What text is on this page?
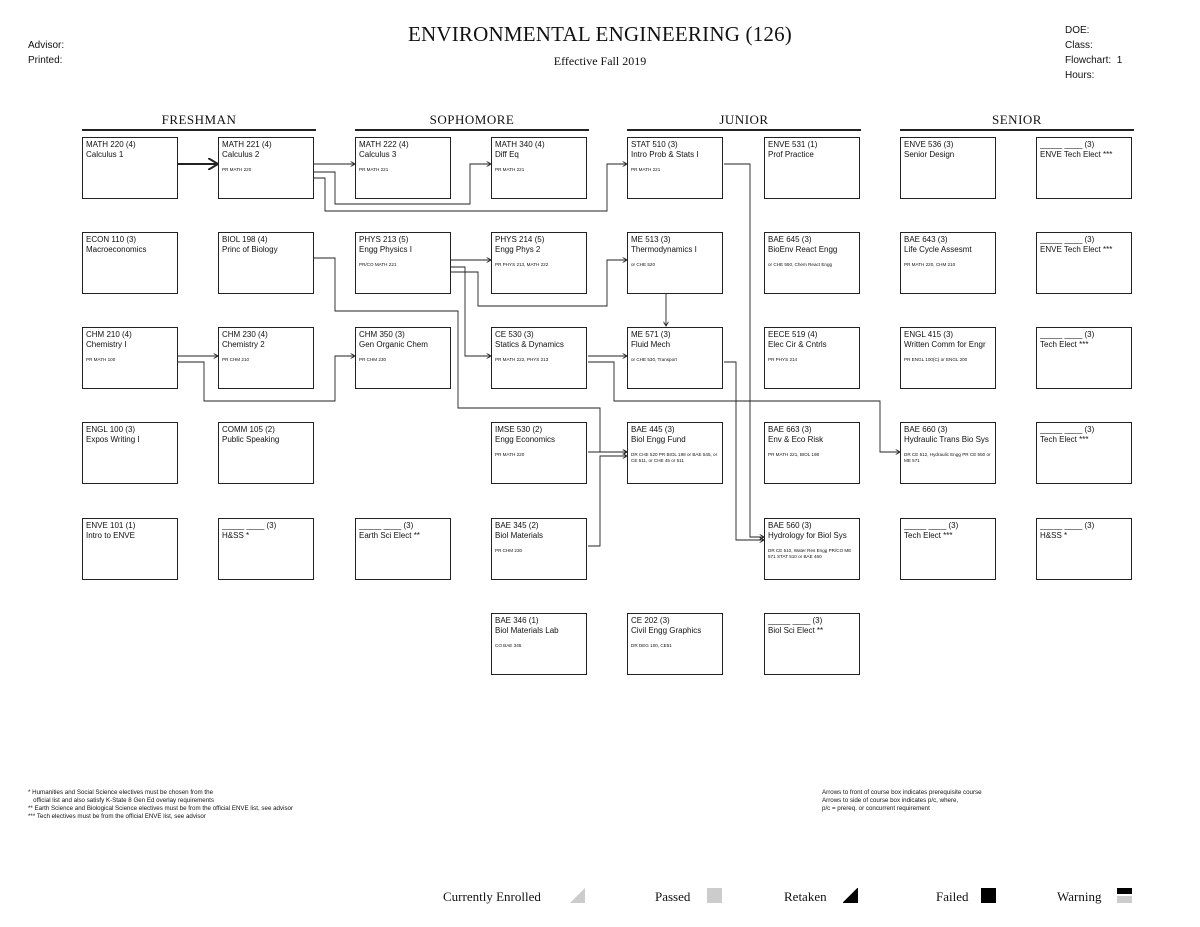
ENVIRONMENTAL ENGINEERING (126)
Effective Fall 2019
Advisor:
Printed:
DOE:
Class:
Flowchart: 1
Hours:
FRESHMAN	SOPHOMORE	JUNIOR	SENIOR
MATH 220 (4)
Calculus 1
MATH 221 (4)
Calculus 2
PR MATH 220
MATH 222 (4)
Calculus 3
PR MATH 221
MATH 340 (4)
Diff Eq
PR MATH 221
STAT 510 (3)
Intro Prob & Stats I
PR MATH 221
ENVE 531 (1)
Prof Practice
ENVE 536 (3)
Senior Design
_____ ____ (3)
ENVE Tech Elect ***
ECON 110 (3)
Macroeconomics
BIOL 198 (4)
Princ of Biology
PHYS 213 (5)
Engg Physics I
PR/CO MATH 221
PHYS 214 (5)
Engg Phys 2
PR PHYS 213, MATH 222
ME 513 (3)
Thermodynamics I
or CHE 520
BAE 645 (3)
BioEnv React Engg
or CHE 550, Chem React Engg
BAE 643 (3)
Life Cycle Assesmt
PR MATH 220, CHM 210
_____ ____ (3)
ENVE Tech Elect ***
CHM 210 (4)
Chemistry I
PR MATH 100
CHM 230 (4)
Chemistry 2
PR CHM 210
CHM 350 (3)
Gen Organic Chem
PR CHM 230
CE 530 (3)
Statics & Dynamics
PR MATH 222, PHYS 213
ME 571 (3)
Fluid Mech
or CHE 530, Transport
EECE 519 (4)
Elec Cir & Cntrls
PR PHYS 214
ENGL 415 (3)
Written Comm for Engr
PR ENGL 100(C) or ENGL 200
_____ ____ (3)
Tech Elect ***
ENGL 100 (3)
Expos Writing I
COMM 105 (2)
Public Speaking
IMSE 530 (2)
Engg Economics
PR MATH 220
BAE 445 (3)
Biol Engg Fund
DR CHE 520 PR BIOL 198 or BAE 545, or CE 511, or CHE 45 or 511
BAE 663 (3)
Env & Eco Risk
PR MATH 221, BIOL 198
BAE 660 (3)
Hydraulic Trans Bio Sys
DR CE 512, Hydraulic Engg PR CE 550 or ME 571
_____ ____ (3)
Tech Elect ***
ENVE 101 (1)
Intro to ENVE
_____ ____ (3)
H&SS *
_____ ____ (3)
Earth Sci Elect **
BAE 345 (2)
Biol Materials
PR CHM 230
BAE 560 (3)
Hydrology for Biol Sys
DR CE 510, Water Res Engg PR/CO ME 571 STAT 510 or BAE 460
_____ ____ (3)
Tech Elect ***
_____ ____ (3)
H&SS *
BAE 346 (1)
Biol Materials Lab
CO BAE 345
CE 202 (3)
Civil Engg Graphics
DR DEG 100, CE51
_____ ____ (3)
Biol Sci Elect **
* Humanities and Social Science electives must be chosen from the
official list and also satisfy K-State 8 Gen Ed overlay requirements
** Earth Science and Biological Science electives must be from the official ENVE list, see advisor
*** Tech electives must be from the official ENVE list, see advisor
Arrows to front of course box indicates prerequisite course
Arrows to side of course box indicates p/c, where,
p/c = prereq. or concurrent requirement
Currently Enrolled	Passed	Retaken	Failed	Warning
